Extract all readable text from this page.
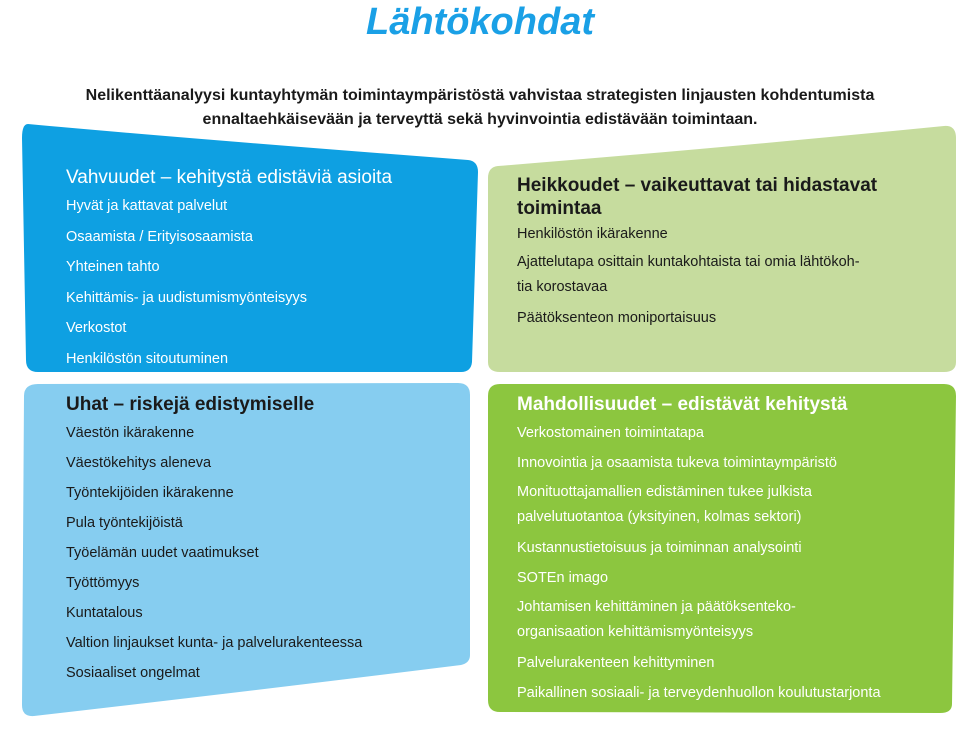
Lähtökohdat
Nelikenttäanalyysi kuntayhtymän toimintaympäristöstä vahvistaa strategisten linjausten kohdentumista
ennaltaehkäisevään ja terveyttä sekä hyvinvointia edistävään toimintaan.
Vahvuudet – kehitystä edistäviä asioita
Hyvät ja kattavat palvelut
Osaamista / Erityisosaamista
Yhteinen tahto
Kehittämis- ja uudistumismyönteisyys
Verkostot
Henkilöstön sitoutuminen
Heikkoudet – vaikeuttavat tai hidastavat
toimintaa
Henkilöstön ikärakenne
Ajattelutapa osittain kuntakohtaista tai omia lähtökoh-
tia korostavaa
Päätöksenteon moniportaisuus
Uhat – riskejä edistymiselle
Väestön ikärakenne
Väestökehitys aleneva
Työntekijöiden ikärakenne
Pula työntekijöistä
Työelämän uudet vaatimukset
Työttömyys
Kuntatalous
Valtion linjaukset kunta- ja palvelurakenteessa
Sosiaaliset ongelmat
Mahdollisuudet – edistävät kehitystä
Verkostomainen toimintatapa
Innovointia ja osaamista tukeva toimintaympäristö
Monituottajamallien edistäminen tukee julkista
palvelutuotantoa (yksityinen, kolmas sektori)
Kustannustietoisuus ja toiminnan analysointi
SOTEn imago
Johtamisen kehittäminen ja päätöksenteko-
organisaation kehittämismyönteisyys
Palvelurakenteen kehittyminen
Paikallinen sosiaali- ja terveydenhuollon koulutustarjonta
